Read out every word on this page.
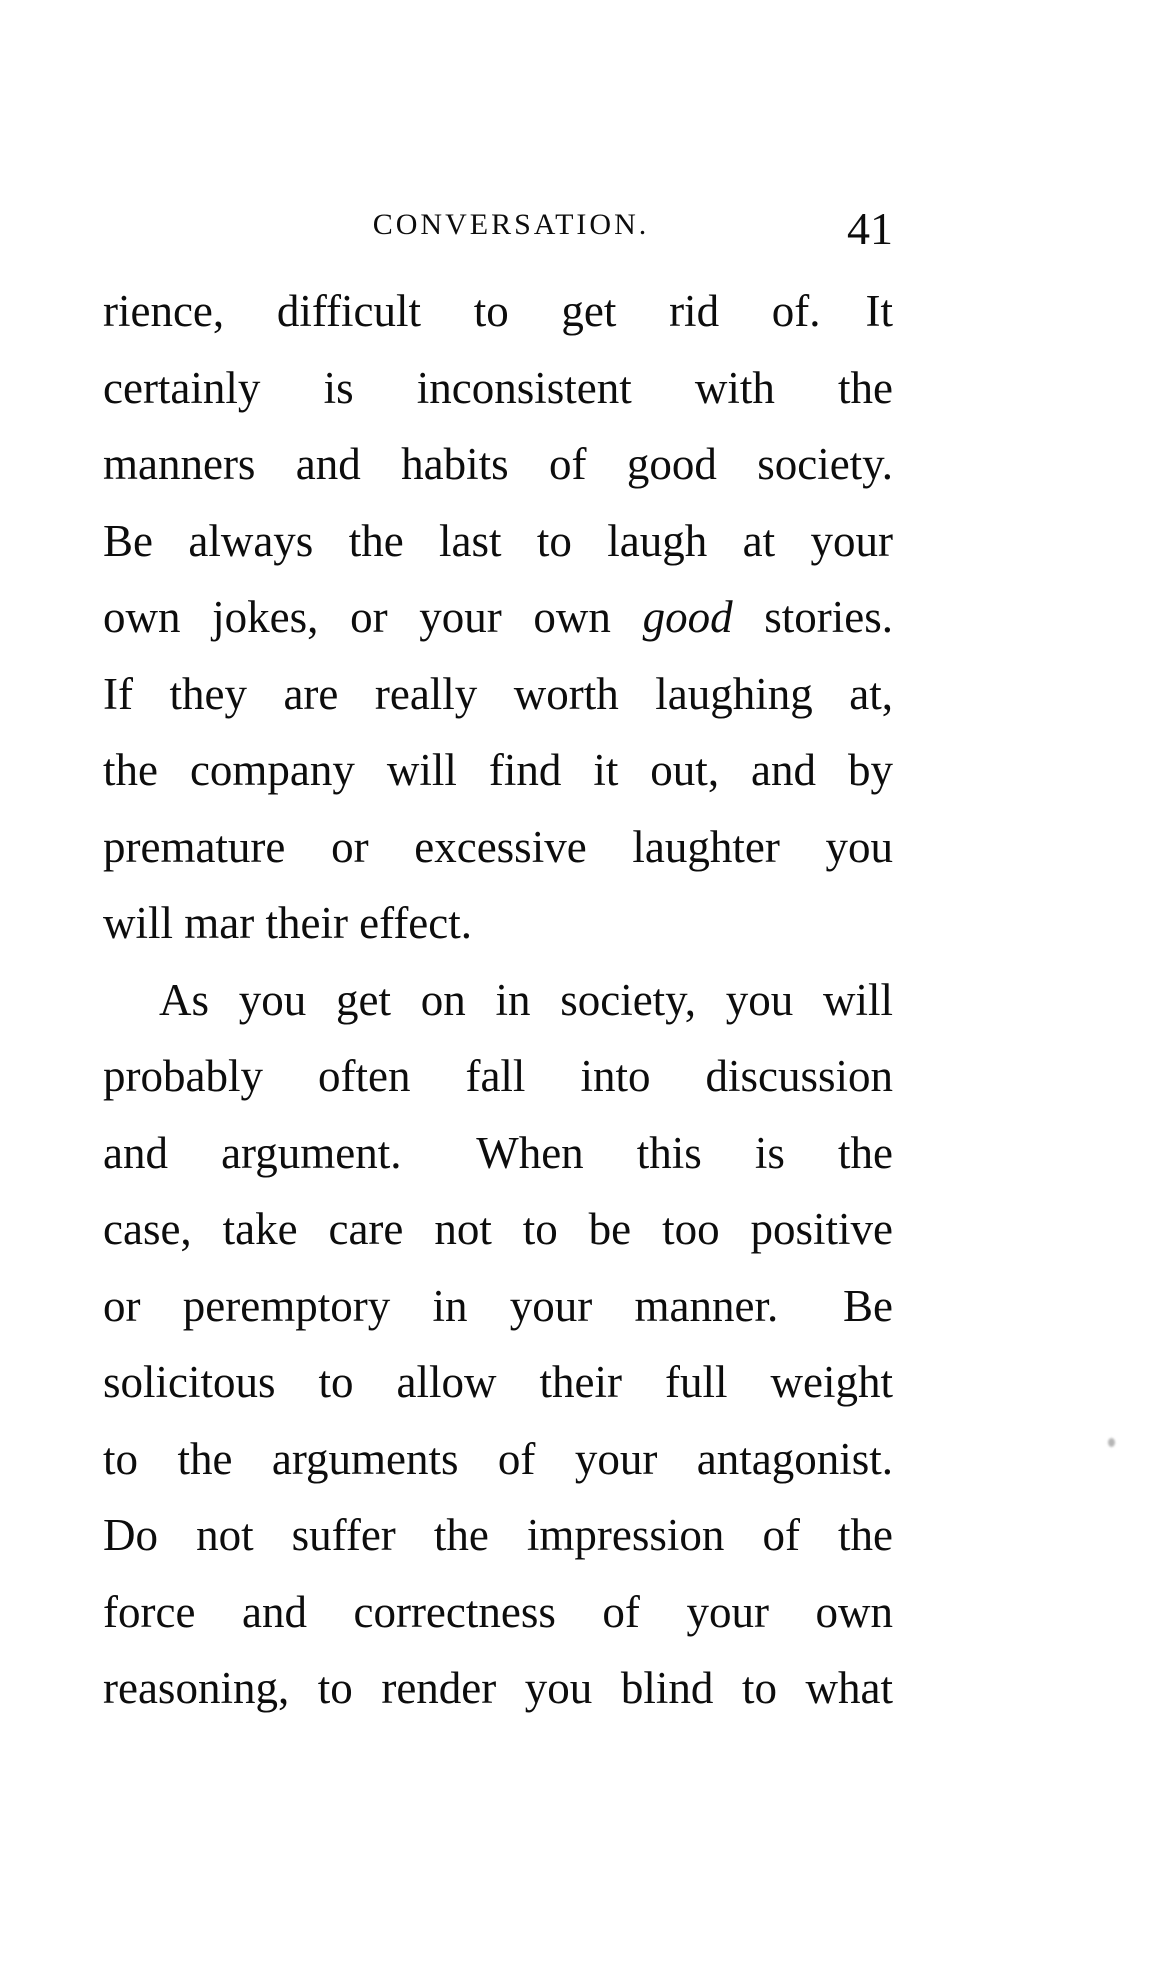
CONVERSATION.	41
rience, difficult to get rid of.  It
certainly is inconsistent with the
manners and habits of good society.
Be always the last to laugh at your
own jokes, or your own good stories.
If they are really worth laughing at,
the company will find it out, and by
premature or excessive laughter you
will mar their effect.
As you get on in society, you will
probably often fall into discussion
and argument.  When this is the
case, take care not to be too positive
or peremptory in your manner.  Be
solicitous to allow their full weight
to the arguments of your antagonist.
Do not suffer the impression of the
force and correctness of your own
reasoning, to render you blind to what
